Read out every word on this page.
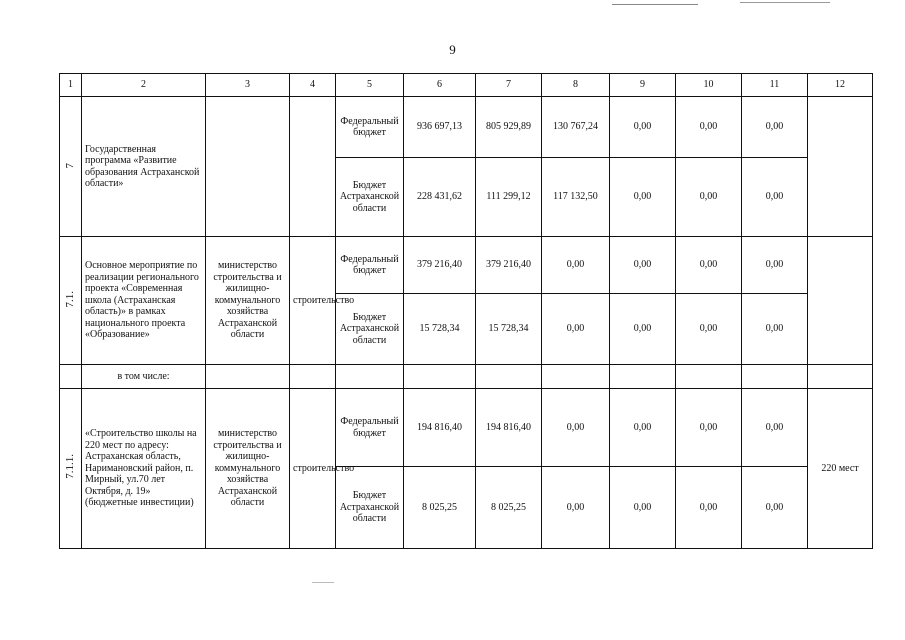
9
1	2	3	4	5	6	7	8	9	10	11	12
7	Государственная программа «Развитие образования Астраханской области»			Федеральный бюджет	936 697,13	805 929,89	130 767,24	0,00	0,00	0,00	
				Бюджет Астраханской области	228 431,62	111 299,12	117 132,50	0,00	0,00	0,00	
7.1.	Основное мероприятие по реализации регионального проекта «Современная школа (Астраханская область)» в рамках национального проекта «Образование»	министерство строительства и жилищно-коммунального хозяйства Астраханской области	строительство	Федеральный бюджет	379 216,40	379 216,40	0,00	0,00	0,00	0,00	
				Бюджет Астраханской области	15 728,34	15 728,34	0,00	0,00	0,00	0,00	
	в том числе:										
7.1.1.	«Строительство школы на 220 мест по адресу: Астраханская область, Наримановский район, п. Мирный, ул.70 лет Октября, д. 19» (бюджетные инвестиции)	министерство строительства и жилищно-коммунального хозяйства Астраханской области	строительство	Федеральный бюджет	194 816,40	194 816,40	0,00	0,00	0,00	0,00	220 мест
				Бюджет Астраханской области	8 025,25	8 025,25	0,00	0,00	0,00	0,00	
